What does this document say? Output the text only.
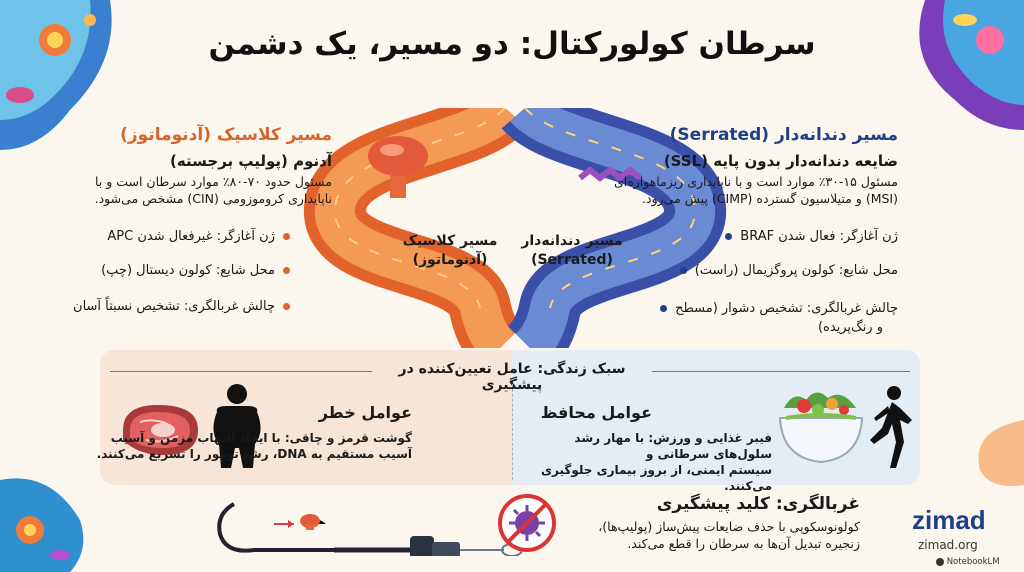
سرطان کولورکتال: دو مسیر، یک دشمن
مسیر کلاسیک
(آدنوماتوز)
مسیر دندانه‌دار
(Serrated)
مسیر کلاسیک (آدنوماتوز)
آدنوم (پولیپ برجسته)
مسئول حدود ۷۰-۸۰٪ موارد سرطان است و با
ناپایداری کروموزومی (CIN) مشخص می‌شود.
ژن آغازگر: غیرفعال شدن APC
محل شایع: کولون دیستال (چپ)
چالش غربالگری: تشخیص نسبتاً آسان
مسیر دندانه‌دار (Serrated)
ضایعه دندانه‌دار بدون پایه (SSL)
مسئول ۱۵-۳۰٪ موارد است و با ناپایداری ریزماهواره‌ای
(MSI) و متیلاسیون گسترده (CIMP) پیش می‌رود.
ژن آغازگر: فعال شدن BRAF
محل شایع: کولون پروگزیمال (راست)
چالش غربالگری: تشخیص دشوار (مسطح
و رنگ‌پریده)
سبک زندگی: عامل تعیین‌کننده در پیشگیری
عوامل خطر
گوشت قرمز و چاقی: با ایجاد التهاب مزمن و آسیب
آسیب مستقیم به DNA، رشد تومور را تسریع می‌کنند.
عوامل محافظ
فیبر غذایی و ورزش: با مهار رشد سلول‌های سرطانی و
سیستم ایمنی، از بروز بیماری جلوگیری می‌کنند.
غربالگری: کلید پیشگیری
کولونوسکوپی با حذف ضایعات پیش‌ساز (پولیپ‌ها)،
زنجیره تبدیل آن‌ها به سرطان را قطع می‌کند.
zimad
zimad.org
NotebookLM
